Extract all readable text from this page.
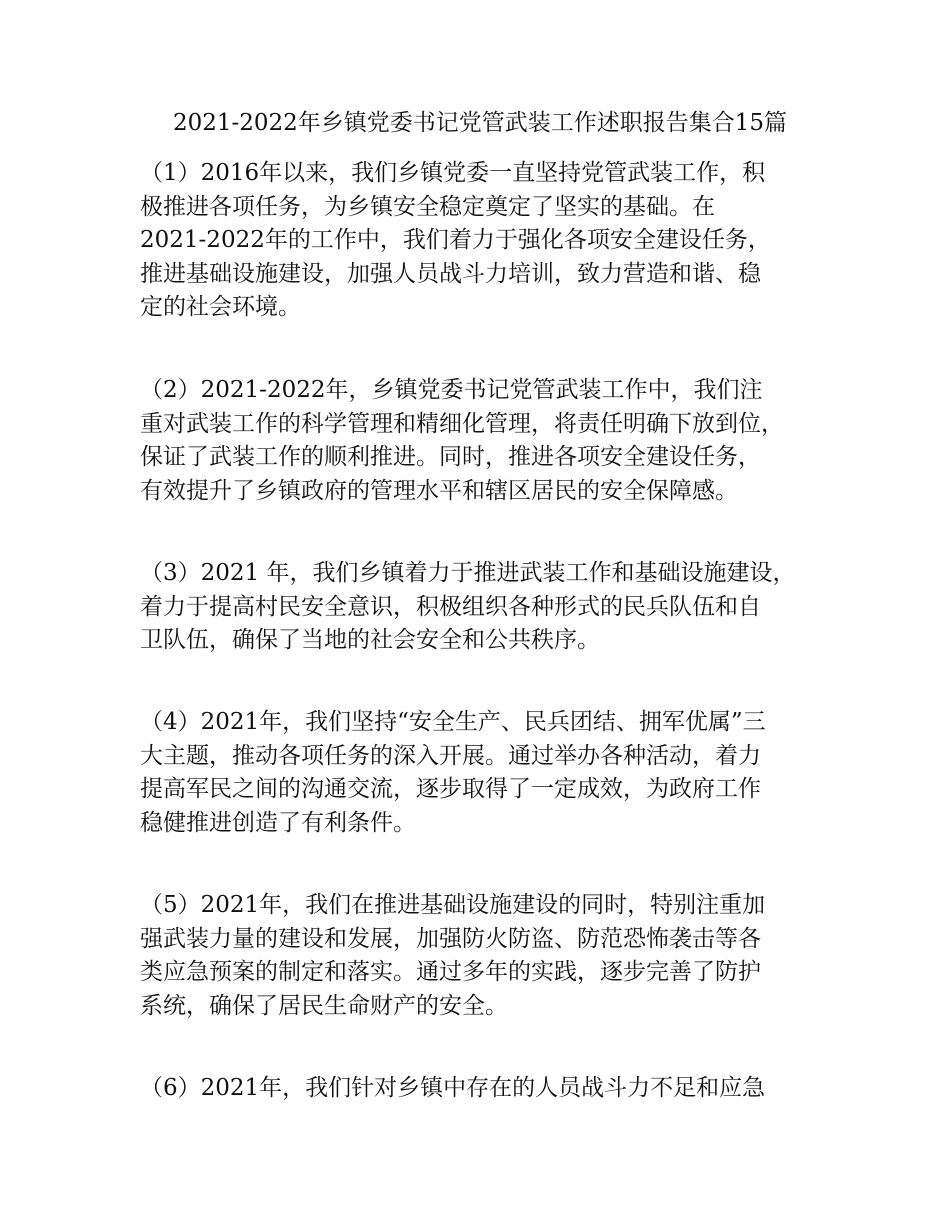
2021-2022年乡镇党委书记党管武装工作述职报告集合15篇
（1）2016年以来，我们乡镇党委一直坚持党管武装工作，积
极推进各项任务，为乡镇安全稳定奠定了坚实的基础。在
2021-2022年的工作中，我们着力于强化各项安全建设任务，
推进基础设施建设，加强人员战斗力培训，致力营造和谐、稳
定的社会环境。
（2）2021-2022年，乡镇党委书记党管武装工作中，我们注
重对武装工作的科学管理和精细化管理，将责任明确下放到位，
保证了武装工作的顺利推进。同时，推进各项安全建设任务，
有效提升了乡镇政府的管理水平和辖区居民的安全保障感。
（3）2021 年，我们乡镇着力于推进武装工作和基础设施建设，
着力于提高村民安全意识，积极组织各种形式的民兵队伍和自
卫队伍，确保了当地的社会安全和公共秩序。
（4）2021年，我们坚持“安全生产、民兵团结、拥军优属”三
大主题，推动各项任务的深入开展。通过举办各种活动，着力
提高军民之间的沟通交流，逐步取得了一定成效，为政府工作
稳健推进创造了有利条件。
（5）2021年，我们在推进基础设施建设的同时，特别注重加
强武装力量的建设和发展，加强防火防盗、防范恐怖袭击等各
类应急预案的制定和落实。通过多年的实践，逐步完善了防护
系统，确保了居民生命财产的安全。
（6）2021年，我们针对乡镇中存在的人员战斗力不足和应急
